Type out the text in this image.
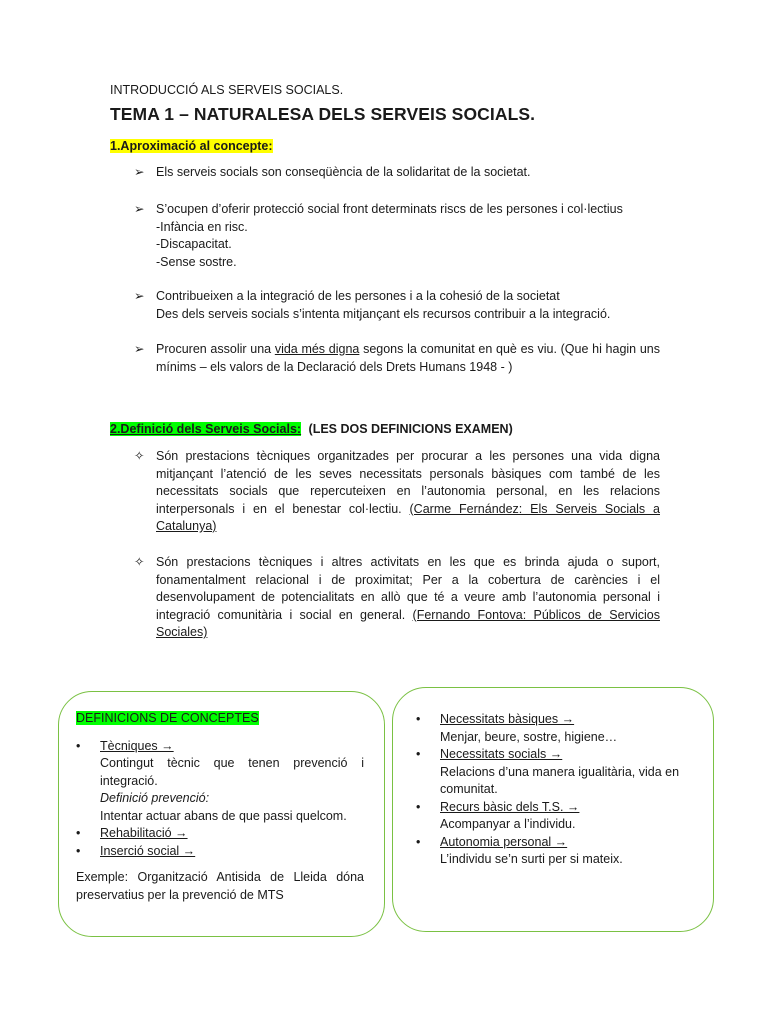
INTRODUCCIÓ ALS SERVEIS SOCIALS.
TEMA 1 – NATURALESA DELS SERVEIS SOCIALS.
1.Aproximació al concepte:
➢ Els serveis socials son conseqüència de la solidaritat de la societat.
➢ S’ocupen d’oferir protecció social front determinats riscs de les persones i col·lectius
-Infància en risc.
-Discapacitat.
-Sense sostre.
➢ Contribueixen a la integració de les persones i a la cohesió de la societat
Des dels serveis socials s’intenta mitjançant els recursos contribuir a la integració.
➢ Procuren assolir una vida més digna segons la comunitat en què es viu. (Que hi hagin uns mínims – els valors de la Declaració dels Drets Humans 1948 - )
2.Definició dels Serveis Socials: (LES DOS DEFINICIONS EXAMEN)
✧ Són prestacions tècniques organitzades per procurar a les persones una vida digna mitjançant l’atenció de les seves necessitats personals bàsiques com també de les necessitats socials que repercuteixen en l’autonomia personal, en les relacions interpersonals i en el benestar col·lectiu. (Carme Fernández: Els Serveis Socials a Catalunya)
✧ Són prestacions tècniques i altres activitats en les que es brinda ajuda o suport, fonamentalment relacional i de proximitat; Per a la cobertura de carències i el desenvolupament de potencialitats en allò que té a veure amb l’autonomia personal i integració comunitària i social en general. (Fernando Fontova: Públicos de Servicios Sociales)
DEFINICIONS DE CONCEPTES
• Tècniques →
Contingut tècnic que tenen prevenció i integració.
Definició prevenció:
Intentar actuar abans de que passi quelcom.
• Rehabilitació →
• Inserció social →
Exemple: Organització Antisida de Lleida dóna preservatius per la prevenció de MTS
• Necessitats bàsiques →
Menjar, beure, sostre, higiene…
• Necessitats socials →
Relacions d’una manera igualitària, vida en comunitat.
• Recurs bàsic dels T.S. →
Acompanyar a l’individu.
• Autonomia personal →
L’individu se’n surti per si mateix.
